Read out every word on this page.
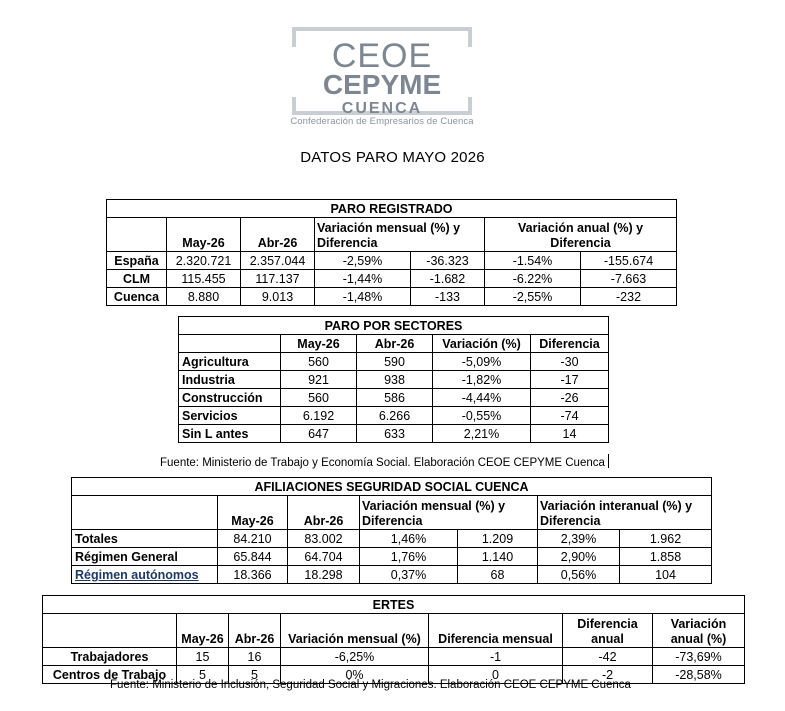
CEOE
CEPYME
CUENCA
Confederación de Empresarios de Cuenca
DATOS PARO MAYO 2026
PARO REGISTRADO						
	May-26	Abr-26	Variación mensual (%) y Diferencia		Variación anual (%) y Diferencia	
España	2.320.721	2.357.044	-2,59%	-36.323	-1.54%	-155.674
CLM	115.455	117.137	-1,44%	-1.682	-6.22%	-7.663
Cuenca	8.880	9.013	-1,48%	-133	-2,55%	-232
PARO POR SECTORES				
	May-26	Abr-26	Variación (%)	Diferencia
Agricultura	560	590	-5,09%	-30
Industria	921	938	-1,82%	-17
Construcción	560	586	-4,44%	-26
Servicios	6.192	6.266	-0,55%	-74
Sin L antes	647	633	2,21%	14
Fuente: Ministerio de Trabajo y Economía Social. Elaboración CEOE CEPYME Cuenca
AFILIACIONES SEGURIDAD SOCIAL CUENCA						
	May-26	Abr-26	Variación mensual (%) y Diferencia		Variación interanual (%) y Diferencia	
Totales	84.210	83.002	1,46%	1.209	2,39%	1.962
Régimen General	65.844	64.704	1,76%	1.140	2,90%	1.858
Régimen autónomos	18.366	18.298	0,37%	68	0,56%	104
ERTES						
	May-26	Abr-26	Variación mensual (%)	Diferencia mensual	Diferencia anual	Variación anual (%)
Trabajadores	15	16	-6,25%	-1	-42	-73,69%
Centros de Trabajo	5	5	0%	0	-2	-28,58%
Fuente: Ministerio de Inclusión, Seguridad Social y Migraciones. Elaboración CEOE CEPYME Cuenca
